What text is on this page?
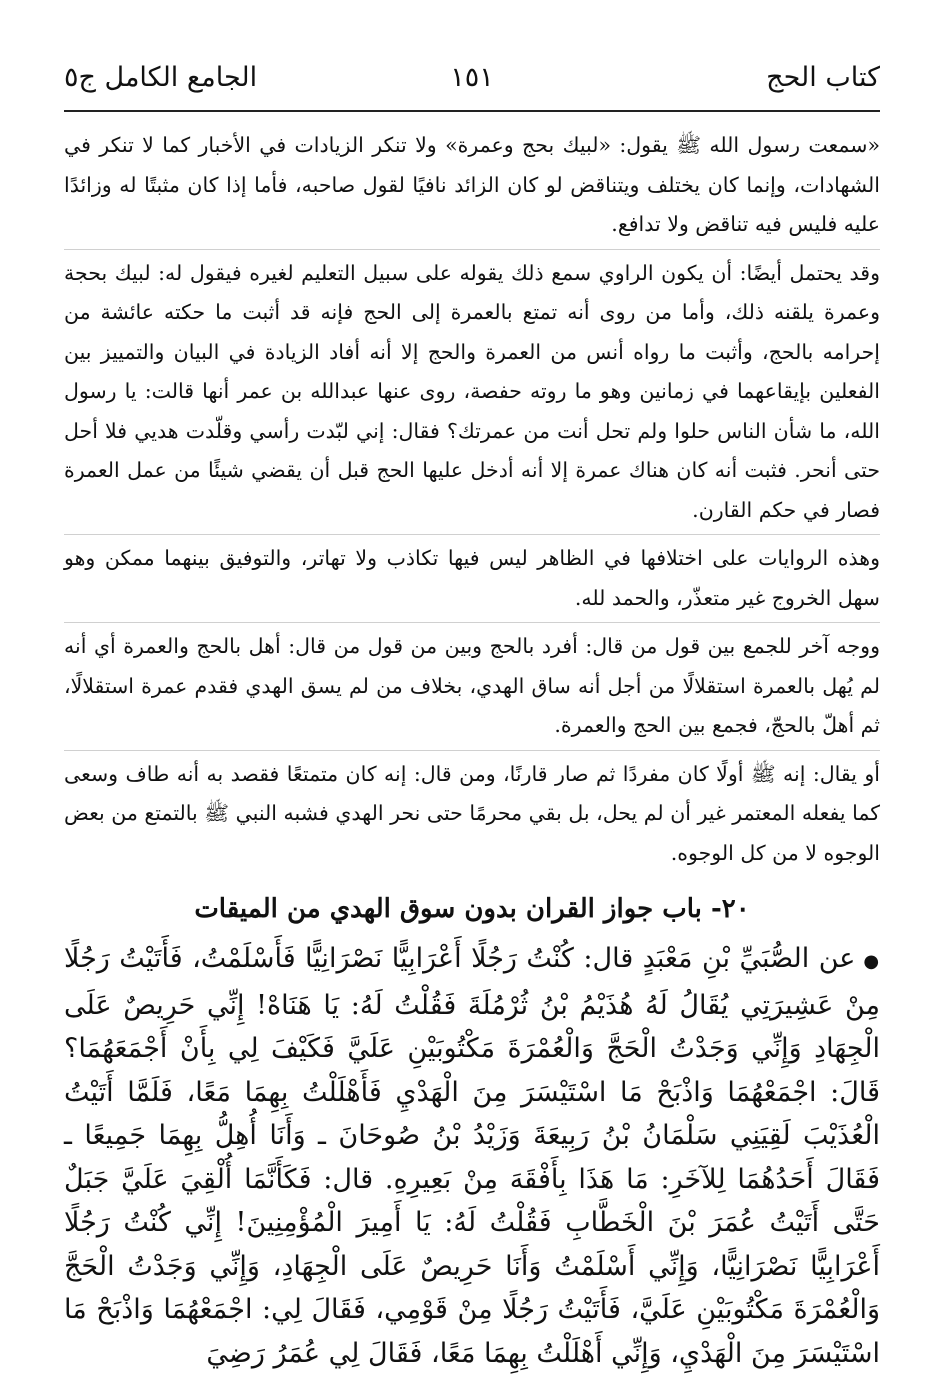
كتاب الحج
١٥١
الجامع الكامل ج٥

«سمعت رسول الله ﷺ يقول: «لبيك بحج وعمرة» ولا تنكر الزيادات في الأخبار كما لا تنكر في الشهادات، وإنما كان يختلف ويتناقض لو كان الزائد نافيًا لقول صاحبه، فأما إذا كان مثبتًا له وزائدًا عليه فليس فيه تناقض ولا تدافع.

وقد يحتمل أيضًا: أن يكون الراوي سمع ذلك يقوله على سبيل التعليم لغيره فيقول له: لبيك بحجة وعمرة يلقنه ذلك، وأما من روى أنه تمتع بالعمرة إلى الحج فإنه قد أثبت ما حكته عائشة من إحرامه بالحج، وأثبت ما رواه أنس من العمرة والحج إلا أنه أفاد الزيادة في البيان والتمييز بين الفعلين بإيقاعهما في زمانين وهو ما روته حفصة، روى عنها عبدالله بن عمر أنها قالت: يا رسول الله، ما شأن الناس حلوا ولم تحل أنت من عمرتك؟ فقال: إني لبّدت رأسي وقلّدت هديي فلا أحل حتى أنحر. فثبت أنه كان هناك عمرة إلا أنه أدخل عليها الحج قبل أن يقضي شيئًا من عمل العمرة فصار في حكم القارن.

وهذه الروايات على اختلافها في الظاهر ليس فيها تكاذب ولا تهاتر، والتوفيق بينهما ممكن وهو سهل الخروج غير متعذّر، والحمد لله.

ووجه آخر للجمع بين قول من قال: أفرد بالحج وبين من قول من قال: أهل بالحج والعمرة أي أنه لم يُهل بالعمرة استقلالًا من أجل أنه ساق الهدي، بخلاف من لم يسق الهدي فقدم عمرة استقلالًا، ثم أهلّ بالحجّ، فجمع بين الحج والعمرة.

أو يقال: إنه ﷺ أولًا كان مفردًا ثم صار قارنًا، ومن قال: إنه كان متمتعًا فقصد به أنه طاف وسعى كما يفعله المعتمر غير أن لم يحل، بل بقي محرمًا حتى نحر الهدي فشبه النبي ﷺ بالتمتع من بعض الوجوه لا من كل الوجوه.

٢٠- باب جواز القران بدون سوق الهدي من الميقات

●عن الصُّبَيِّ بْنِ مَعْبَدٍ قال: كُنْتُ رَجُلًا أَعْرَابِيًّا نَصْرَانِيًّا فَأَسْلَمْتُ، فَأَتَيْتُ رَجُلًا مِنْ عَشِيرَتِي يُقَالُ لَهُ هُذَيْمُ بْنُ ثُرْمُلَةَ فَقُلْتُ لَهُ: يَا هَنَاهْ! إِنِّي حَرِيصٌ عَلَى الْجِهَادِ وَإِنِّي وَجَدْتُ الْحَجَّ وَالْعُمْرَةَ مَكْتُوبَيْنِ عَلَيَّ فَكَيْفَ لِي بِأَنْ أَجْمَعَهُمَا؟ قَالَ: اجْمَعْهُمَا وَاذْبَحْ مَا اسْتَيْسَرَ مِنَ الْهَدْيِ فَأَهْلَلْتُ بِهِمَا مَعًا، فَلَمَّا أَتَيْتُ الْعُذَيْبَ لَقِيَنِي سَلْمَانُ بْنُ رَبِيعَةَ وَزَيْدُ بْنُ صُوحَانَ ـ وَأَنَا أُهِلُّ بِهِمَا جَمِيعًا ـ فَقَالَ أَحَدُهُمَا لِلآخَرِ: مَا هَذَا بِأَفْقَهَ مِنْ بَعِيرِهِ. قال: فَكَأَنَّمَا أُلْقِيَ عَلَيَّ جَبَلٌ حَتَّى أَتَيْتُ عُمَرَ بْنَ الْخَطَّابِ فَقُلْتُ لَهُ: يَا أَمِيرَ الْمُؤْمِنِينَ! إِنِّي كُنْتُ رَجُلًا أَعْرَابِيًّا نَصْرَانِيًّا، وَإِنِّي أَسْلَمْتُ وَأَنَا حَرِيصٌ عَلَى الْجِهَادِ، وَإِنِّي وَجَدْتُ الْحَجَّ وَالْعُمْرَةَ مَكْتُوبَيْنِ عَلَيَّ، فَأَتَيْتُ رَجُلًا مِنْ قَوْمِي، فَقَالَ لِي: اجْمَعْهُمَا وَاذْبَحْ مَا اسْتَيْسَرَ مِنَ الْهَدْيِ، وَإِنِّي أَهْلَلْتُ بِهِمَا مَعًا، فَقَالَ لِي عُمَرُ رَضِيَ
